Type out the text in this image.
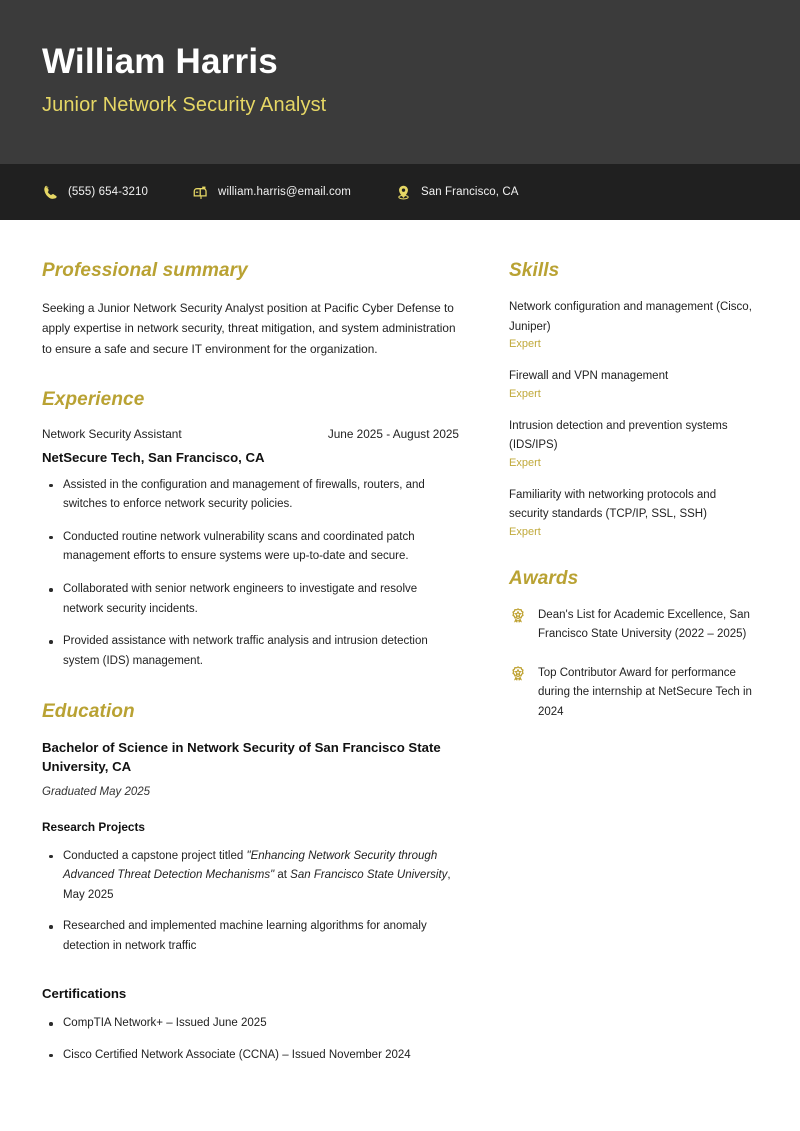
William Harris
Junior Network Security Analyst
(555) 654-3210	william.harris@email.com	San Francisco, CA
Professional summary

Seeking a Junior Network Security Analyst position at Pacific Cyber Defense to apply expertise in network security, threat mitigation, and system administration to ensure a safe and secure IT environment for the organization.

Experience
Network Security Assistant	June 2025 - August 2025
NetSecure Tech, San Francisco, CA
Assisted in the configuration and management of firewalls, routers, and switches to enforce network security policies.
Conducted routine network vulnerability scans and coordinated patch management efforts to ensure systems were up-to-date and secure.
Collaborated with senior network engineers to investigate and resolve network security incidents.
Provided assistance with network traffic analysis and intrusion detection system (IDS) management.
Education
Bachelor of Science in Network Security of San Francisco State University, CA
Graduated May 2025
Research Projects
Conducted a capstone project titled "Enhancing Network Security through Advanced Threat Detection Mechanisms" at San Francisco State University, May 2025
Researched and implemented machine learning algorithms for anomaly detection in network traffic
Certifications
CompTIA Network+ – Issued June 2025
Cisco Certified Network Associate (CCNA) – Issued November 2024
Skills
Network configuration and management (Cisco, Juniper)
Expert
Firewall and VPN management
Expert
Intrusion detection and prevention systems (IDS/IPS)
Expert
Familiarity with networking protocols and security standards (TCP/IP, SSL, SSH)
Expert
Awards
Dean's List for Academic Excellence, San Francisco State University (2022 – 2025)
Top Contributor Award for performance during the internship at NetSecure Tech in 2024
